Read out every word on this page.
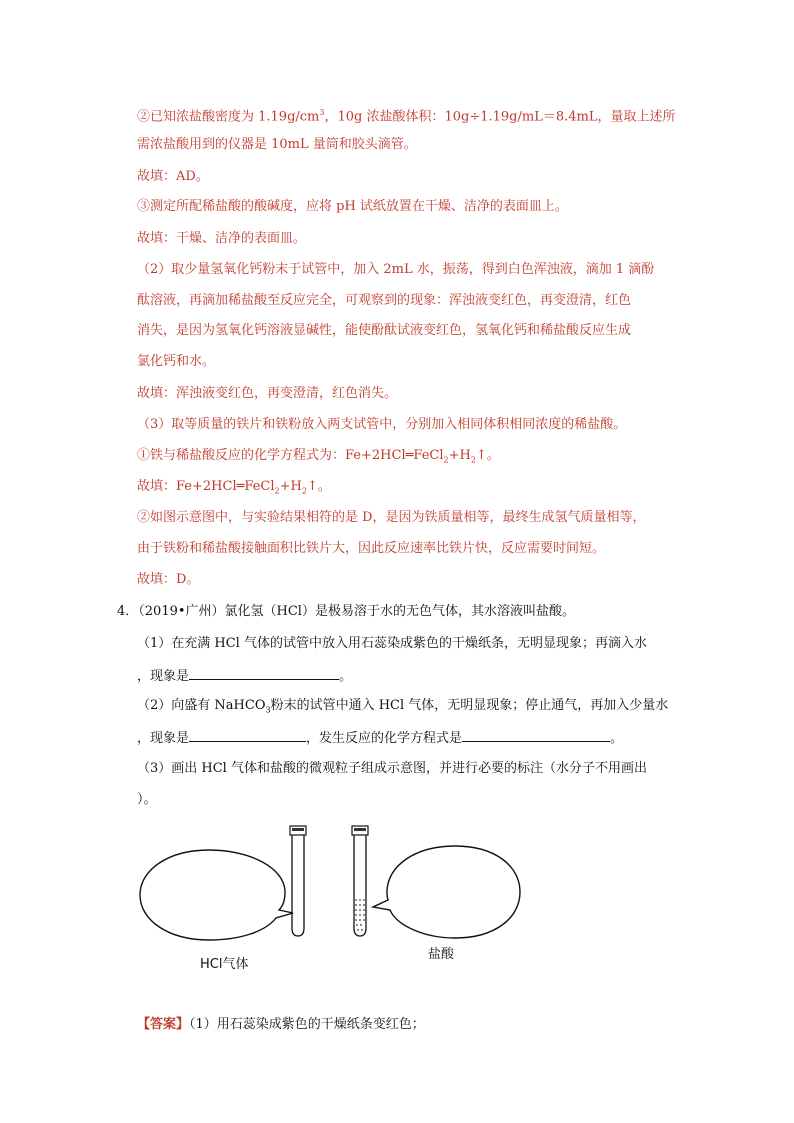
②已知浓盐酸密度为 $1.19g/cm^3$，10g 浓盐酸体积：10g÷1.19g/mL＝8.4mL，量取上述所
需浓盐酸用到的仪器是 10mL 量筒和胶头滴管。
故填：AD。
③测定所配稀盐酸的酸碱度，应将 pH 试纸放置在干燥、洁净的表面皿上。
故填：干燥、洁净的表面皿。
（2）取少量氢氧化钙粉末于试管中，加入 2mL 水，振荡，得到白色浑浊液，滴加 1 滴酚
酞溶液，再滴加稀盐酸至反应完全，可观察到的现象：浑浊液变红色，再变澄清，红色
消失，是因为氢氧化钙溶液显碱性，能使酚酞试液变红色，氢氧化钙和稀盐酸反应生成
氯化钙和水。
故填：浑浊液变红色，再变澄清，红色消失。
（3）取等质量的铁片和铁粉放入两支试管中，分别加入相同体积相同浓度的稀盐酸。
①铁与稀盐酸反应的化学方程式为：$Fe+2HCl═FeCl_2+H_2↑$。
故填：$Fe+2HCl═FeCl_2+H_2↑$。
②如图示意图中，与实验结果相符的是 D，是因为铁质量相等，最终生成氢气质量相等，
由于铁粉和稀盐酸接触面积比铁片大，因此反应速率比铁片快，反应需要时间短。
故填：D。
4．（2019•广州）氯化氢（HCl）是极易溶于水的无色气体，其水溶液叫盐酸。
（1）在充满 HCl 气体的试管中放入用石蕊染成紫色的干燥纸条，无明显现象；再滴入水
，现象是	。
（2）向盛有 NaHCO$_3$粉末的试管中通入 HCl 气体，无明显现象；停止通气，再加入少量水
，现象是	，发生反应的化学方程式是	。
（3）画出 HCl 气体和盐酸的微观粒子组成示意图，并进行必要的标注（水分子不用画出
）。
HCl气体
盐酸
【答案】（1）用石蕊染成紫色的干燥纸条变红色；
